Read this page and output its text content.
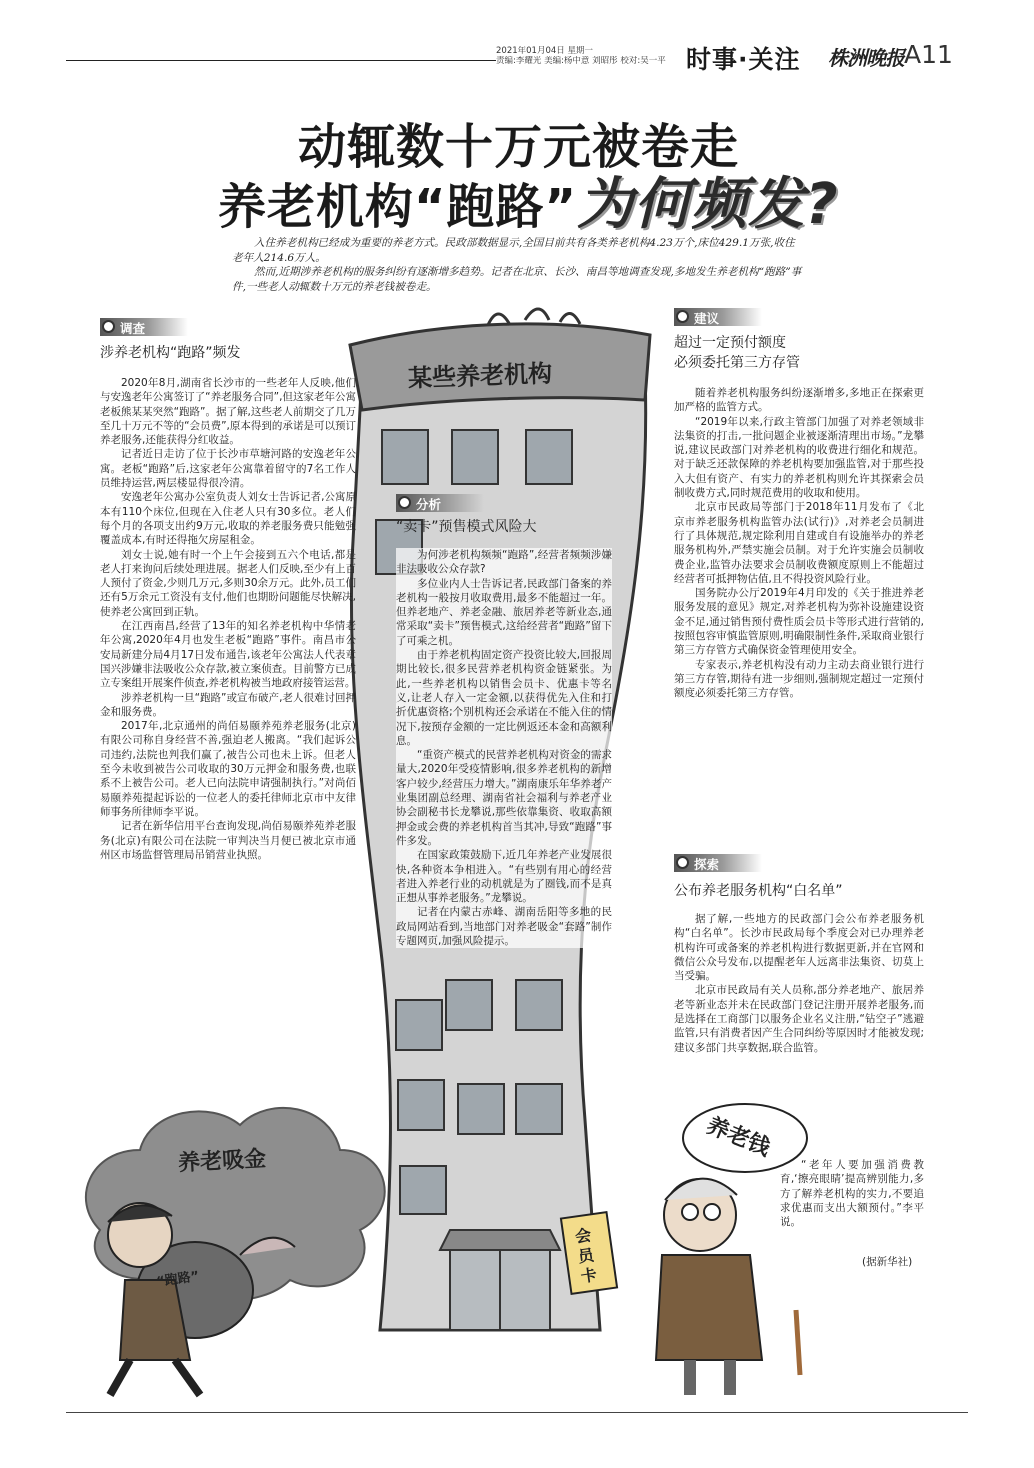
2021年01月04日 星期一
责编:李耀光 美编:杨中意 刘昭彤 校对:吴一平 时事·关注 株洲晚报 A11
动辄数十万元被卷走
养老机构“跑路”为何频发?

入住养老机构已经成为重要的养老方式。民政部数据显示,全国目前共有各类养老机构4.23万个,床位429.1万张,收住老年人214.6万人。

然而,近期涉养老机构的服务纠纷有逐渐增多趋势。记者在北京、长沙、南昌等地调查发现,多地发生养老机构“跑路”事件,一些老人动辄数十万元的养老钱被卷走。

调查
涉养老机构“跑路”频发

2020年8月,湖南省长沙市的一些老年人反映,他们与安逸老年公寓签订了“养老服务合同”,但这家老年公寓老板熊某某突然“跑路”。据了解,这些老人前期交了几万至几十万元不等的“会员费”,原本得到的承诺是可以预订养老服务,还能获得分红收益。

记者近日走访了位于长沙市草塘河路的安逸老年公寓。老板“跑路”后,这家老年公寓靠着留守的7名工作人员维持运营,两层楼显得很冷清。

安逸老年公寓办公室负责人刘女士告诉记者,公寓原本有110个床位,但现在入住老人只有30多位。老人们每个月的各项支出约9万元,收取的养老服务费只能勉强覆盖成本,有时还得拖欠房屋租金。

刘女士说,她有时一个上午会接到五六个电话,都是老人打来询问后续处理进展。据老人们反映,至少有上百人预付了资金,少则几万元,多则30余万元。此外,员工们还有5万余元工资没有支付,他们也期盼问题能尽快解决,使养老公寓回到正轨。

在江西南昌,经营了13年的知名养老机构中华情老年公寓,2020年4月也发生老板“跑路”事件。南昌市公安局新建分局4月17日发布通告,该老年公寓法人代表章国兴涉嫌非法吸收公众存款,被立案侦查。目前警方已成立专案组开展案件侦查,养老机构被当地政府接管运营。

涉养老机构一旦“跑路”或宣布破产,老人很难讨回押金和服务费。

2017年,北京通州的尚佰易颐养苑养老服务(北京)有限公司称自身经营不善,强迫老人搬离。“我们起诉公司违约,法院也判我们赢了,被告公司也未上诉。但老人至今未收到被告公司收取的30万元押金和服务费,也联系不上被告公司。老人已向法院申请强制执行。”对尚佰易颐养苑提起诉讼的一位老人的委托律师北京市中友律师事务所律师李平说。

记者在新华信用平台查询发现,尚佰易颐养苑养老服务(北京)有限公司在法院一审判决当月便已被北京市通州区市场监督管理局吊销营业执照。

分析
“卖卡”预售模式风险大

为何涉老机构频频“跑路”,经营者频频涉嫌非法吸收公众存款?

多位业内人士告诉记者,民政部门备案的养老机构一般按月收取费用,最多不能超过一年。但养老地产、养老金融、旅居养老等新业态,通常采取“卖卡”预售模式,这给经营者“跑路”留下了可乘之机。

由于养老机构固定资产投资比较大,回报周期比较长,很多民营养老机构资金链紧张。为此,一些养老机构以销售会员卡、优惠卡等名义,让老人存入一定金额,以获得优先入住和打折优惠资格;个别机构还会承诺在不能入住的情况下,按预存金额的一定比例返还本金和高额利息。

“重资产模式的民营养老机构对资金的需求量大,2020年受疫情影响,很多养老机构的新增客户较少,经营压力增大。”湖南康乐年华养老产业集团副总经理、湖南省社会福利与养老产业协会副秘书长龙攀说,那些依靠集资、收取高额押金或会费的养老机构首当其冲,导致“跑路”事件多发。

在国家政策鼓励下,近几年养老产业发展很快,各种资本争相进入。“有些别有用心的经营者进入养老行业的动机就是为了圈钱,而不是真正想从事养老服务。”龙攀说。

记者在内蒙古赤峰、湖南岳阳等多地的民政局网站看到,当地部门对养老吸金“套路”制作专题网页,加强风险提示。

建议
超过一定预付额度
必须委托第三方存管

随着养老机构服务纠纷逐渐增多,多地正在探索更加严格的监管方式。

“2019年以来,行政主管部门加强了对养老领域非法集资的打击,一批问题企业被逐渐清理出市场。”龙攀说,建议民政部门对养老机构的收费进行细化和规范。对于缺乏还款保障的养老机构要加强监管,对于那些投入大但有资产、有实力的养老机构则允许其探索会员制收费方式,同时规范费用的收取和使用。

北京市民政局等部门于2018年11月发布了《北京市养老服务机构监管办法(试行)》,对养老会员制进行了具体规范,规定除利用自建或自有设施举办的养老服务机构外,严禁实施会员制。对于允许实施会员制收费企业,监管办法要求会员制收费额度原则上不能超过经营者可抵押物估值,且不得投资风险行业。

国务院办公厅2019年4月印发的《关于推进养老服务发展的意见》规定,对养老机构为弥补设施建设资金不足,通过销售预付费性质会员卡等形式进行营销的,按照包容审慎监管原则,明确限制性条件,采取商业银行第三方存管方式确保资金管理使用安全。

专家表示,养老机构没有动力主动去商业银行进行第三方存管,期待有进一步细则,强制规定超过一定预付额度必须委托第三方存管。

探索
公布养老服务机构“白名单”

据了解,一些地方的民政部门会公布养老服务机构“白名单”。长沙市民政局每个季度会对已办理养老机构许可或备案的养老机构进行数据更新,并在官网和微信公众号发布,以提醒老年人远离非法集资、切莫上当受骗。

北京市民政局有关人员称,部分养老地产、旅居养老等新业态并未在民政部门登记注册开展养老服务,而是选择在工商部门以服务企业名义注册,“钻空子”逃避监管,只有消费者因产生合同纠纷等原因时才能被发现;建议多部门共享数据,联合监管。

“老年人要加强消费教育,‘擦亮眼睛’提高辨别能力,多方了解养老机构的实力,不要追求优惠而支出大额预付。”李平说。

(据新华社)
某些养老机构
养老吸金
“跑路”
养老钱
会员卡
